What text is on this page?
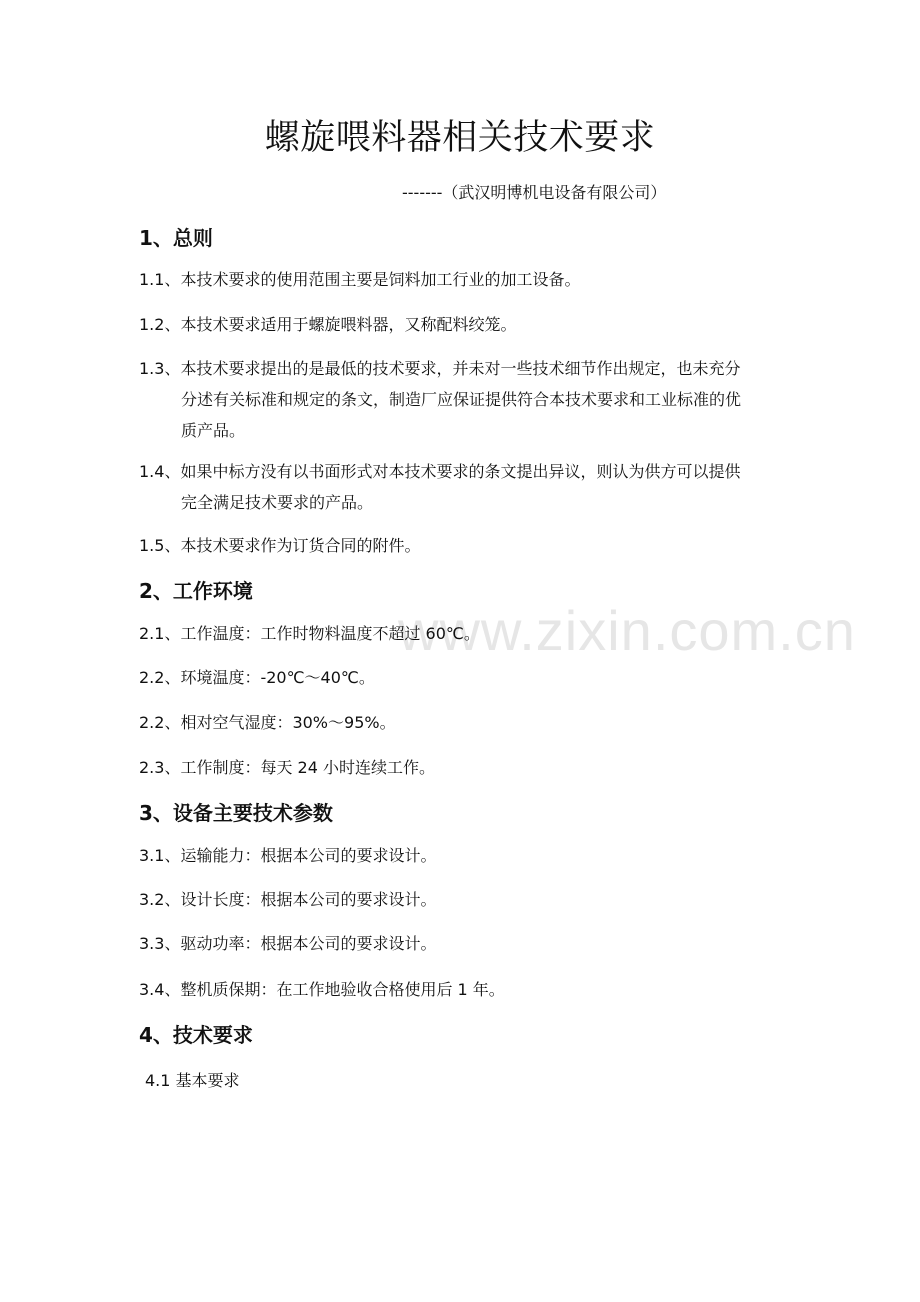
www.zixin.com.cn
螺旋喂料器相关技术要求
-------（武汉明博机电设备有限公司）
1、总则
1.1、本技术要求的使用范围主要是饲料加工行业的加工设备。
1.2、本技术要求适用于螺旋喂料器，又称配料绞笼。
1.3、本技术要求提出的是最低的技术要求，并未对一些技术细节作出规定，也未充分
分述有关标准和规定的条文，制造厂应保证提供符合本技术要求和工业标准的优
质产品。
1.4、如果中标方没有以书面形式对本技术要求的条文提出异议，则认为供方可以提供
完全满足技术要求的产品。
1.5、本技术要求作为订货合同的附件。
2、工作环境
2.1、工作温度：工作时物料温度不超过 60℃。
2.2、环境温度：-20℃～40℃。
2.2、相对空气湿度：30%～95%。
2.3、工作制度：每天 24 小时连续工作。
3、设备主要技术参数
3.1、运输能力：根据本公司的要求设计。
3.2、设计长度：根据本公司的要求设计。
3.3、驱动功率：根据本公司的要求设计。
3.4、整机质保期：在工作地验收合格使用后 1 年。
4、技术要求
4.1 基本要求
